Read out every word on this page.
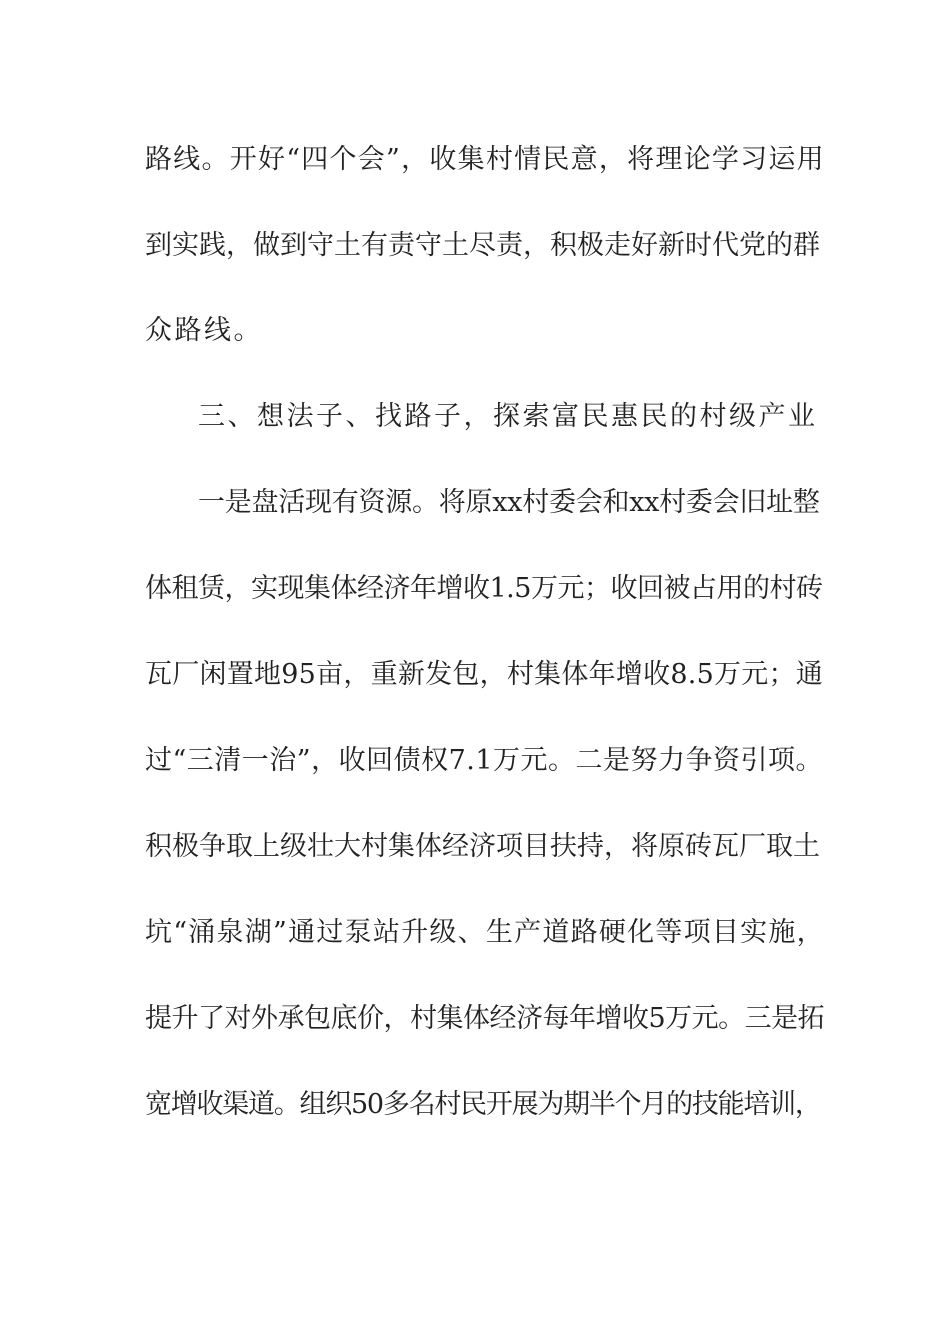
路线。开好“四个会”，收集村情民意，将理论学习运用

到实践，做到守土有责守土尽责，积极走好新时代党的群

众路线。

三、想法子、找路子，探索富民惠民的村级产业

一是盘活现有资源。将原xx村委会和xx村委会旧址整

体租赁，实现集体经济年增收1.5万元；收回被占用的村砖

瓦厂闲置地95亩，重新发包，村集体年增收8.5万元；通

过“三清一治”，收回债权7.1万元。二是努力争资引项。

积极争取上级壮大村集体经济项目扶持，将原砖瓦厂取土

坑“涌泉湖”通过泵站升级、生产道路硬化等项目实施，

提升了对外承包底价，村集体经济每年增收5万元。三是拓

宽增收渠道。组织50多名村民开展为期半个月的技能培训，
